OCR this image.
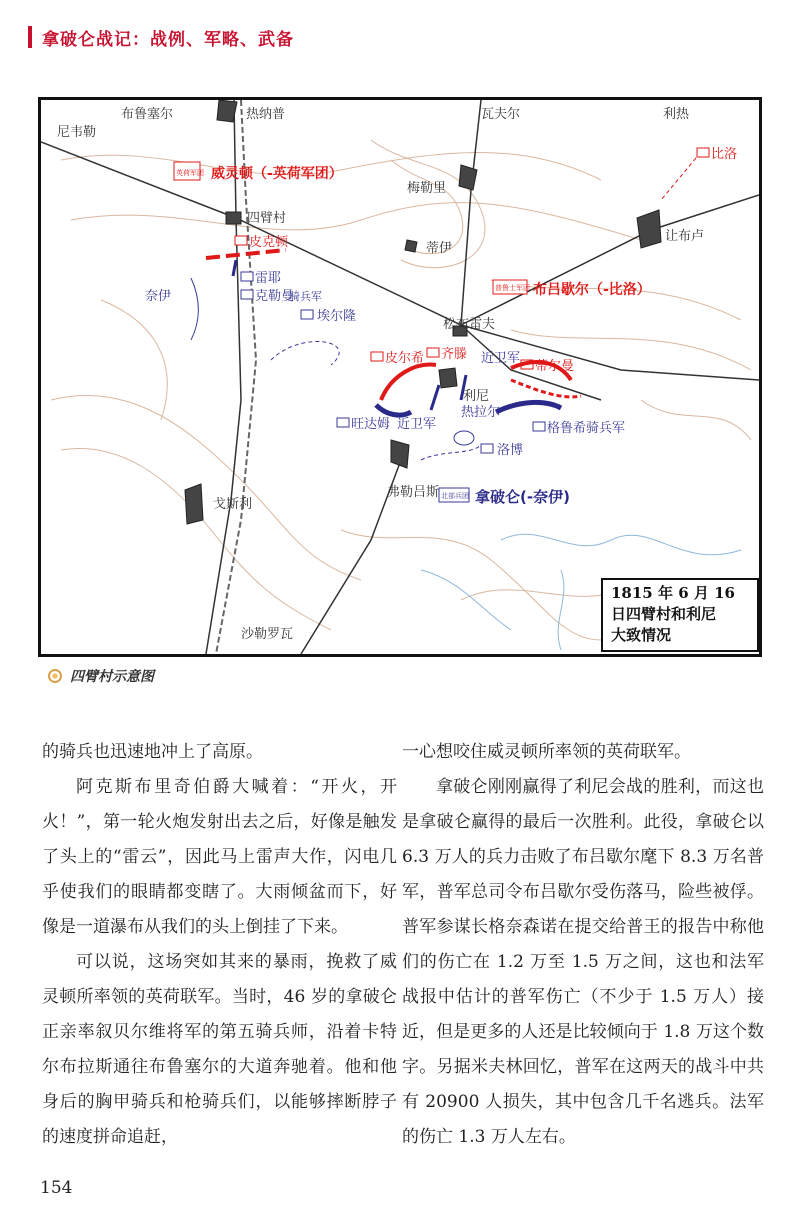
拿破仑战记：战例、军略、武备
尼韦勒
布鲁塞尔	热纳普	瓦夫尔	利热
四臂村
梅勒里
蒂伊
让布卢
松布雷夫
利尼
戈斯利
弗勒吕斯
沙勒罗瓦
英荷军团 威灵顿（-英荷军团）
皮克顿
雷耶
克勒曼
骑兵军
奈伊
埃尔隆
普鲁士军团 布吕歇尔（-比洛）
比洛
皮尔希 齐滕 近卫军
蒂尔曼
旺达姆 近卫军
热拉尔
格鲁希骑兵军
洛博
北部兵团 拿破仑(-奈伊)
1815 年 6 月 16
日四臂村和利尼
大致情况
四臂村示意图

的骑兵也迅速地冲上了高原。

阿克斯布里奇伯爵大喊着：“开火，开火！”，第一轮火炮发射出去之后，好像是触发了头上的“雷云”，因此马上雷声大作，闪电几乎使我们的眼睛都变瞎了。大雨倾盆而下，好像是一道瀑布从我们的头上倒挂了下来。

可以说，这场突如其来的暴雨，挽救了威灵顿所率领的英荷联军。当时，46 岁的拿破仑正亲率叙贝尔维将军的第五骑兵师，沿着卡特尔布拉斯通往布鲁塞尔的大道奔驰着。他和他身后的胸甲骑兵和枪骑兵们，以能够摔断脖子的速度拼命追赶，

一心想咬住威灵顿所率领的英荷联军。

拿破仑刚刚赢得了利尼会战的胜利，而这也是拿破仑赢得的最后一次胜利。此役，拿破仑以 6.3 万人的兵力击败了布吕歇尔麾下 8.3 万名普军，普军总司令布吕歇尔受伤落马，险些被俘。普军参谋长格奈森诺在提交给普王的报告中称他们的伤亡在 1.2 万至 1.5 万之间，这也和法军战报中估计的普军伤亡（不少于 1.5 万人）接近，但是更多的人还是比较倾向于 1.8 万这个数字。另据米夫林回忆，普军在这两天的战斗中共有 20900 人损失，其中包含几千名逃兵。法军的伤亡 1.3 万人左右。

154
